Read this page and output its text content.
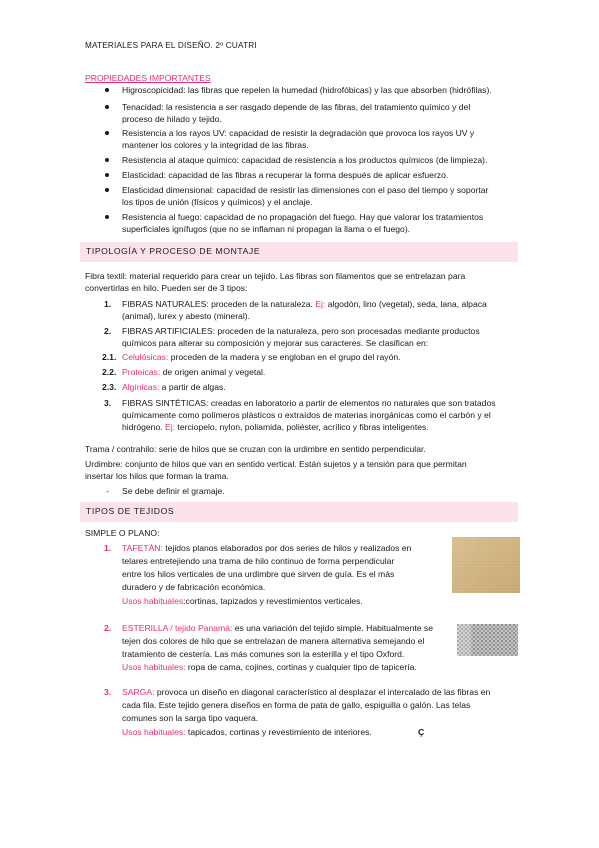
MATERIALES PARA EL DISEÑO. 2º CUATRI
PROPIEDADES IMPORTANTES
Higroscopicidad: las fibras que repelen la humedad (hidrofóbicas) y las que absorben (hidrófilas).
Tenacidad: la resistencia a ser rasgado depende de las fibras, del tratamiento químico y del
proceso de hilado y tejido.
Resistencia a los rayos UV: capacidad de resistir la degradación que provoca los rayos UV y
mantener los colores y la integridad de las fibras.
Resistencia al ataque químico: capacidad de resistencia a los productos químicos (de limpieza).
Elasticidad: capacidad de las fibras a recuperar la forma después de aplicar esfuerzo.
Elasticidad dimensional: capacidad de resistir las dimensiones con el paso del tiempo y soportar
los tipos de unión (físicos y químicos) y el anclaje.
Resistencia al fuego: capacidad de no propagación del fuego. Hay que valorar los tratamientos
superficiales ignífugos (que no se inflaman ni propagan la llama o el fuego).
TIPOLOGÍA Y PROCESO DE MONTAJE
Fibra textil: material requerido para crear un tejido. Las fibras son filamentos que se entrelazan para
convertirlas en hilo. Pueden ser de 3 tipos:
1. FIBRAS NATURALES: proceden de la naturaleza. Ej: algodón, lino (vegetal), seda, lana, alpaca
(animal), lurex y abesto (mineral).
2. FIBRAS ARTIFICIALES: proceden de la naturaleza, pero son procesadas mediante productos
químicos para alterar su composición y mejorar sus caracteres. Se clasifican en:
2.1. Celulósicas: proceden de la madera y se engloban en el grupo del rayón.
2.2. Proteicas: de origen animal y vegetal.
2.3. Algínicas: a partir de algas.
3. FIBRAS SINTÉTICAS: creadas en laboratorio a partir de elementos no naturales que son tratados
químicamente como polímeros plásticos o extraídos de materias inorgánicas como el carbón y el
hidrógeno. Ej: terciopelo, nylon, poliamida, poliéster, acrílico y fibras inteligentes.
Trama / contrahilo: serie de hilos que se cruzan con la urdimbre en sentido perpendicular.
Urdimbre: conjunto de hilos que van en sentido vertical. Están sujetos y a tensión para que permitan
insertar los hilos que forman la trama.
- Se debe definir el gramaje.
TIPOS DE TEJIDOS
SIMPLE O PLANO:
1. TAFETÁN: tejidos planos elaborados por dos series de hilos y realizados en
telares entretejiendo una trama de hilo continuo de forma perpendicular
entre los hilos verticales de una urdimbre que sirven de guía. Es el más
duradero y de fabricación económica.
Usos habituales:cortinas, tapizados y revestimientos verticales.
2. ESTERILLA / tejido Panamá: es una variación del tejido simple. Habitualmente se
tejen dos colores de hilo que se entrelazan de manera alternativa semejando el
tratamiento de cestería. Las más comunes son la esterilla y el tipo Oxford.
Usos habituales: ropa de cama, cojines, cortinas y cualquier tipo de tapicería.
3. SARGA: provoca un diseño en diagonal característico al desplazar el intercalado de las fibras en
cada fila. Este tejido genera diseños en forma de pata de gallo, espiguilla o galón. Las telas
comunes son la sarga tipo vaquera.
Usos habituales: tapicados, cortinas y revestimiento de interiores.	Ç
